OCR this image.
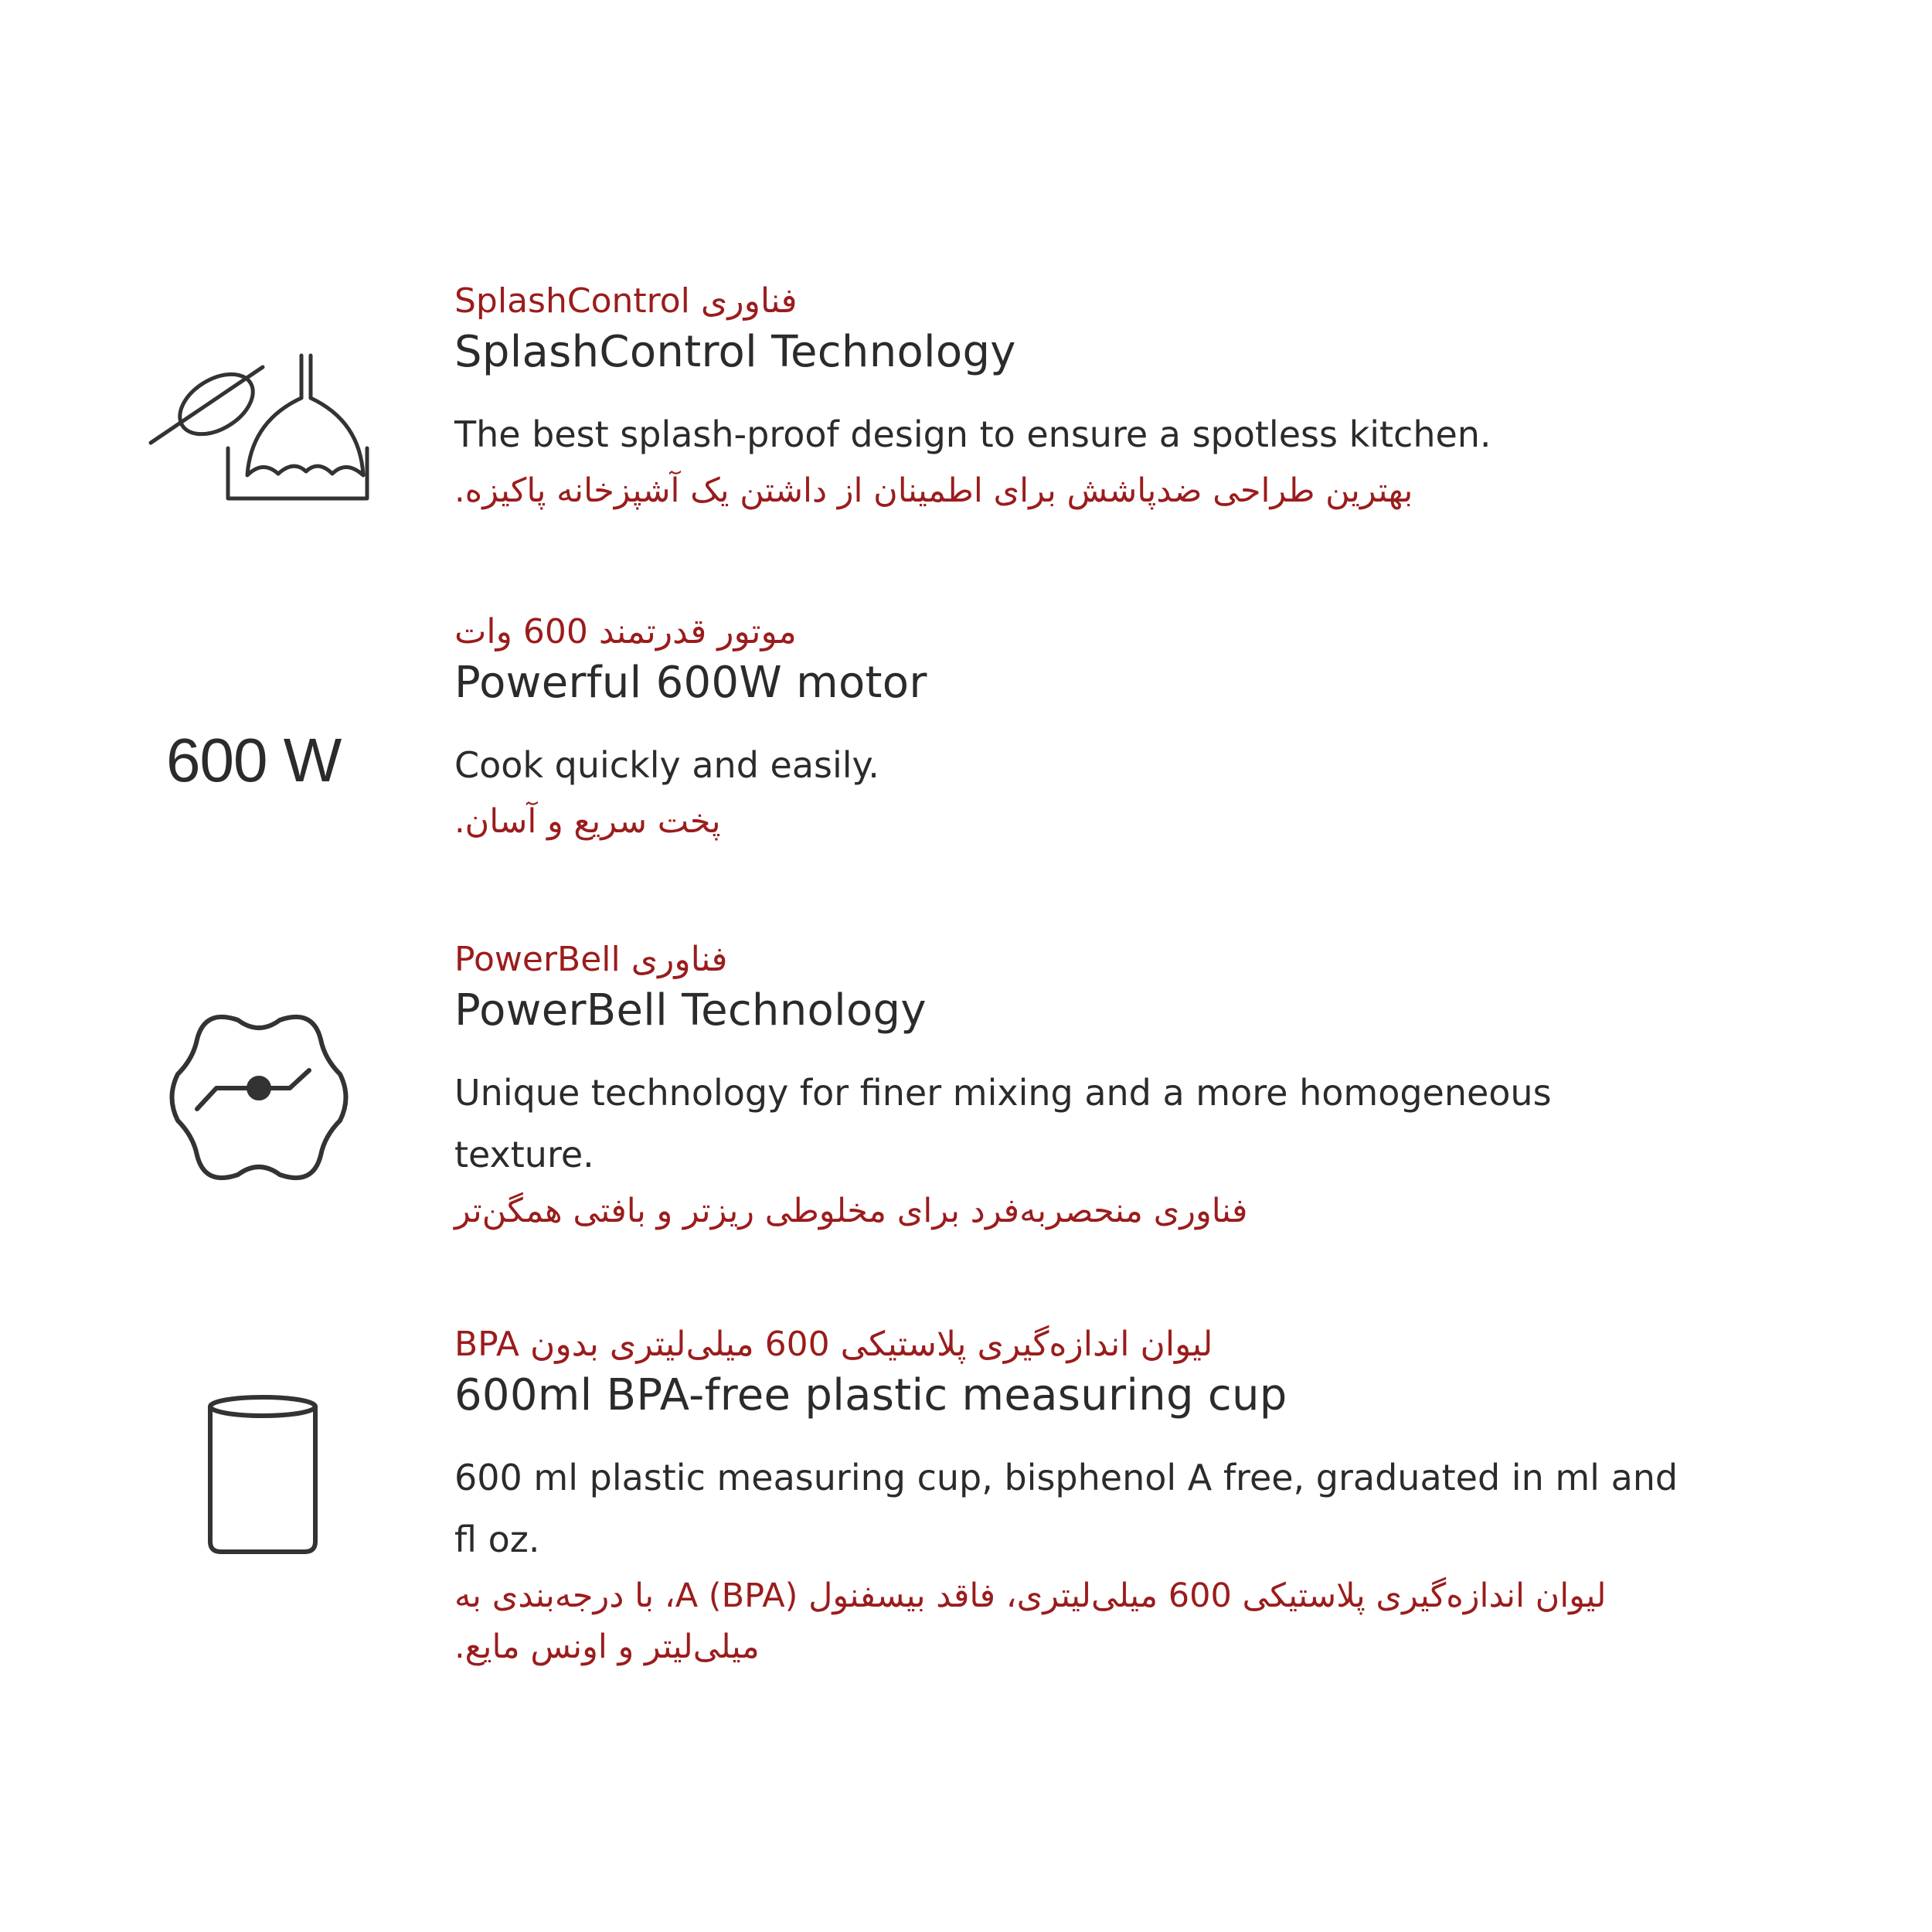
فناوری SplashControl
SplashControl Technology
The best splash-proof design to ensure a spotless kitchen.
بهترین طراحی ضدپاشش برای اطمینان از داشتن یک آشپزخانه پاکیزه.
600 W
موتور قدرتمند 600 وات
Powerful 600W motor
Cook quickly and easily.
پخت سریع و آسان.
فناوری PowerBell
PowerBell Technology
Unique technology for finer mixing and a more homogeneous texture.
فناوری منحصربه‌فرد برای مخلوطی ریزتر و بافتی همگن‌تر
لیوان اندازه‌گیری پلاستیکی 600 میلی‌لیتری بدون BPA
600ml BPA-free plastic measuring cup
600 ml plastic measuring cup, bisphenol A free, graduated in ml and fl oz.
لیوان اندازه‌گیری پلاستیکی 600 میلی‌لیتری، فاقد بیسفنول A (BPA)، با درجه‌بندی به میلی‌لیتر و اونس مایع.
